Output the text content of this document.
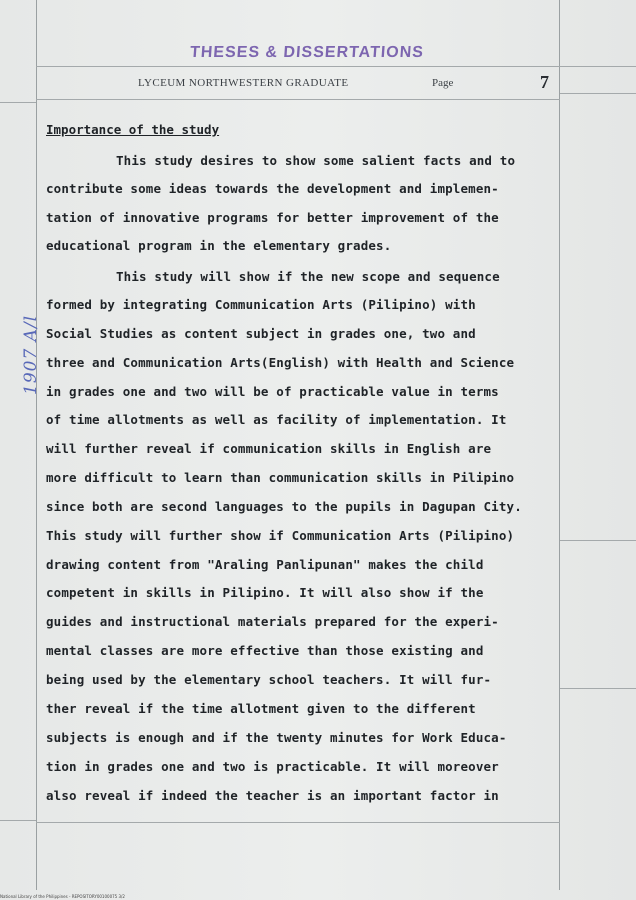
THESES & DISSERTATIONS
LYCEUM NORTHWESTERN GRADUATE	Page	7
1907 A/l
Importance of the study
This study desires to show some salient facts and to
contribute some ideas towards the development and implemen-
tation of innovative programs for better improvement of the
educational program in the elementary grades.
This study will show if the new scope and sequence
formed by integrating Communication Arts (Pilipino) with
Social Studies as content subject in grades one, two and
three and Communication Arts(English) with Health and Science
in grades one and two will be of practicable value in terms
of time allotments as well as facility of implementation. It
will further reveal if communication skills in English are
more difficult to learn than communication skills in Pilipino
since both are second languages to the pupils in Dagupan City.
This study will further show if Communication Arts (Pilipino)
drawing content from "Araling Panlipunan" makes the child
competent in skills in Pilipino. It will also show if the
guides and instructional materials prepared for the experi-
mental classes are more effective than those existing and
being used by the elementary school teachers. It will fur-
ther reveal if the time allotment given to the different
subjects is enough and if the twenty minutes for Work Educa-
tion in grades one and two is practicable. It will moreover
also reveal if indeed the teacher is an important factor in
National Library of the Philippines - REPOSITORY00100075 3/2
